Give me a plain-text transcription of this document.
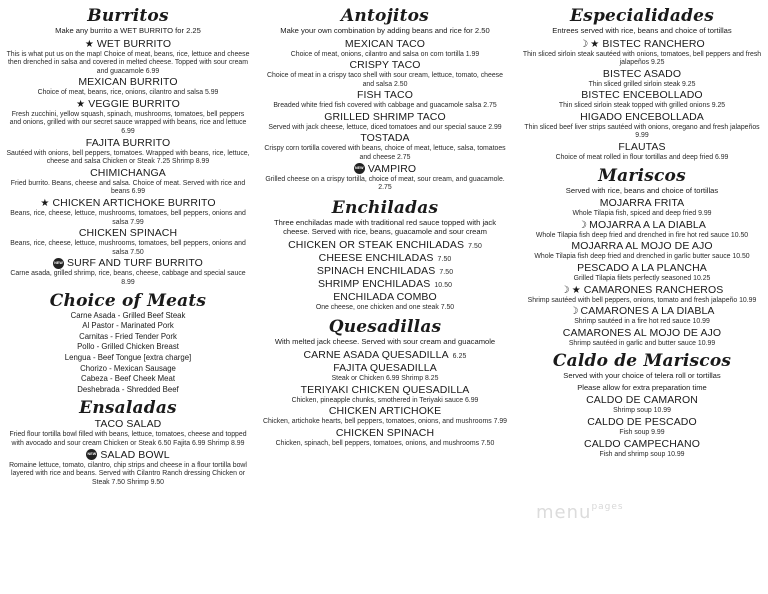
Burritos

Make any burrito a WET BURRITO for 2.25

★ WET BURRITO
This is what put us on the map! Choice of meat, beans, rice, lettuce and cheese then drenched in salsa and covered in melted cheese. Topped with sour cream and guacamole 6.99
MEXICAN BURRITO
Choice of meat, beans, rice, onions, cilantro and salsa 5.99
★ VEGGIE BURRITO
Fresh zucchini, yellow squash, spinach, mushrooms, tomatoes, bell peppers and onions, grilled with our secret sauce wrapped with beans, rice and lettuce 6.99
FAJITA BURRITO
Sautéed with onions, bell peppers, tomatoes. Wrapped with beans, rice, lettuce, cheese and salsa Chicken or Steak 7.25 Shrimp 8.99
CHIMICHANGA
Fried burrito. Beans, cheese and salsa. Choice of meat. Served with rice and beans 6.99
★ CHICKEN ARTICHOKE BURRITO
Beans, rice, cheese, lettuce, mushrooms, tomatoes, bell peppers, onions and salsa 7.99
CHICKEN SPINACH
Beans, rice, cheese, lettuce, mushrooms, tomatoes, bell peppers, onions and salsa 7.50
NEW SURF AND TURF BURRITO
Carne asada, grilled shrimp, rice, beans, cheese, cabbage and special sauce 8.99
Choice of Meats

Carne Asada - Grilled Beef Steak

Al Pastor - Marinated Pork

Carnitas - Fried Tender Pork

Pollo - Grilled Chicken Breast

Lengua - Beef Tongue [extra charge]

Chorizo - Mexican Sausage

Cabeza - Beef Cheek Meat

Deshebrada - Shredded Beef

Ensaladas
TACO SALAD
Fried flour tortilla bowl filled with beans, lettuce, tomatoes, cheese and topped with avocado and sour cream Chicken or Steak 6.50 Fajita 6.99 Shrimp 8.99
NEW SALAD BOWL
Romaine lettuce, tomato, cilantro, chip strips and cheese in a flour tortilla bowl layered with rice and beans. Served with Cilantro Ranch dressing Chicken or Steak 7.50 Shrimp 9.50
Antojitos

Make your own combination by adding beans and rice for 2.50

MEXICAN TACO
Choice of meat, onions, cilantro and salsa on corn tortilla 1.99
CRISPY TACO
Choice of meat in a crispy taco shell with sour cream, lettuce, tomato, cheese and salsa 2.50
FISH TACO
Breaded white fried fish covered with cabbage and guacamole salsa 2.75
GRILLED SHRIMP TACO
Served with jack cheese, lettuce, diced tomatoes and our special sauce 2.99
TOSTADA
Crispy corn tortilla covered with beans, choice of meat, lettuce, salsa, tomatoes and cheese 2.75
NEW VAMPIRO
Grilled cheese on a crispy tortilla, choice of meat, sour cream, and guacamole. 2.75
Enchiladas

Three enchiladas made with traditional red sauce topped with jack cheese. Served with rice, beans, guacamole and sour cream

CHICKEN OR STEAK ENCHILADAS 7.50
CHEESE ENCHILADAS 7.50
SPINACH ENCHILADAS 7.50
SHRIMP ENCHILADAS 10.50
ENCHILADA COMBO
One cheese, one chicken and one steak 7.50
Quesadillas

With melted jack cheese. Served with sour cream and guacamole

CARNE ASADA QUESADILLA 6.25
FAJITA QUESADILLA
Steak or Chicken 6.99 Shrimp 8.25
TERIYAKI CHICKEN QUESADILLA
Chicken, pineapple chunks, smothered in Teriyaki sauce 6.99
CHICKEN ARTICHOKE
Chicken, artichoke hearts, bell peppers, tomatoes, onions, and mushrooms 7.99
CHICKEN SPINACH
Chicken, spinach, bell peppers, tomatoes, onions, and mushrooms 7.50
Especialidades

Entrees served with rice, beans and choice of tortillas

☽ ★ BISTEC RANCHERO
Thin sliced sirloin steak sautéed with onions, tomatoes, bell peppers and fresh jalapeños 9.25
BISTEC ASADO
Thin sliced grilled sirloin steak 9.25
BISTEC ENCEBOLLADO
Thin sliced sirloin steak topped with grilled onions 9.25
HIGADO ENCEBOLLADA
Thin sliced beef liver strips sautéed with onions, oregano and fresh jalapeños 9.99
FLAUTAS
Choice of meat rolled in flour tortillas and deep fried 6.99
Mariscos

Served with rice, beans and choice of tortillas

MOJARRA FRITA
Whole Tilapia fish, spiced and deep fried 9.99
☽ MOJARRA A LA DIABLA
Whole Tilapia fish deep fried and drenched in fire hot red sauce 10.50
MOJARRA AL MOJO DE AJO
Whole Tilapia fish deep fried and drenched in garlic butter sauce 10.50
PESCADO A LA PLANCHA
Grilled Tilapia filets perfectly seasoned 10.25
☽ ★ CAMARONES RANCHEROS
Shrimp sautéed with bell peppers, onions, tomato and fresh jalapeño 10.99
☽ CAMARONES A LA DIABLA
Shrimp sautéed in a fire hot red sauce 10.99
CAMARONES AL MOJO DE AJO
Shrimp sautéed in garlic and butter sauce 10.99
Caldo de Mariscos

Served with your choice of telera roll or tortillas

Please allow for extra preparation time

CALDO DE CAMARON
Shrimp soup 10.99
CALDO DE PESCADO
Fish soup 9.99
CALDO CAMPECHANO
Fish and shrimp soup 10.99
menu$^{pages}$
